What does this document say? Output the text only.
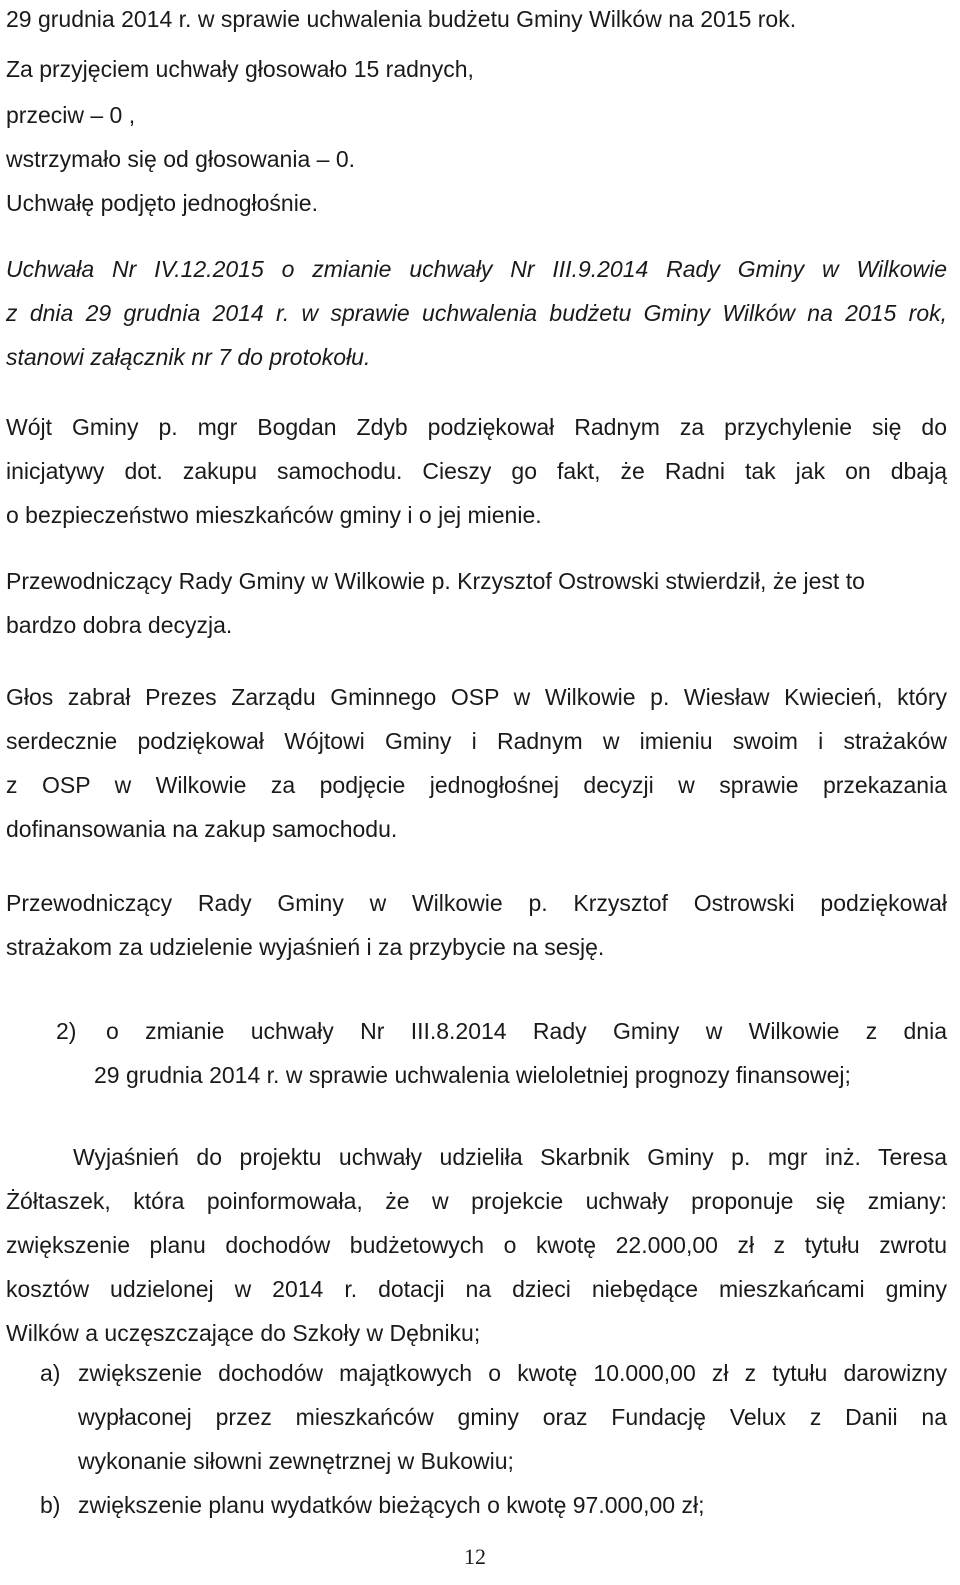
29 grudnia 2014 r. w sprawie uchwalenia budżetu Gminy Wilków na 2015 rok.
Za przyjęciem uchwały głosowało 15 radnych,
przeciw – 0 ,
wstrzymało się od głosowania – 0.
Uchwałę podjęto jednogłośnie.
Uchwała Nr IV.12.2015 o zmianie uchwały Nr III.9.2014 Rady Gminy w Wilkowie
z dnia 29 grudnia 2014 r. w sprawie uchwalenia budżetu Gminy Wilków na 2015 rok,
stanowi załącznik nr 7 do protokołu.
Wójt Gminy p. mgr Bogdan Zdyb podziękował Radnym za przychylenie się do
inicjatywy dot. zakupu samochodu. Cieszy go fakt, że Radni tak jak on dbają
o bezpieczeństwo mieszkańców gminy i o jej mienie.
Przewodniczący Rady Gminy w Wilkowie p. Krzysztof Ostrowski stwierdził, że jest to
bardzo dobra decyzja.
Głos zabrał Prezes Zarządu Gminnego OSP w Wilkowie p. Wiesław Kwiecień, który
serdecznie podziękował Wójtowi Gminy i Radnym w imieniu swoim i strażaków
z OSP w Wilkowie za podjęcie jednogłośnej decyzji w sprawie przekazania
dofinansowania na zakup samochodu.
Przewodniczący Rady Gminy w Wilkowie p. Krzysztof Ostrowski podziękował
strażakom za udzielenie wyjaśnień i za przybycie na sesję.
2) o zmianie uchwały Nr III.8.2014 Rady Gminy w Wilkowie z dnia
29 grudnia 2014 r. w sprawie uchwalenia wieloletniej prognozy finansowej;
Wyjaśnień do projektu uchwały udzieliła Skarbnik Gminy p. mgr inż. Teresa
Żółtaszek, która poinformowała, że w projekcie uchwały proponuje się zmiany:
zwiększenie planu dochodów budżetowych o kwotę 22.000,00 zł z tytułu zwrotu
kosztów udzielonej w 2014 r. dotacji na dzieci niebędące mieszkańcami gminy
Wilków a uczęszczające do Szkoły w Dębniku;
a) zwiększenie dochodów majątkowych o kwotę 10.000,00 zł z tytułu darowizny
wypłaconej przez mieszkańców gminy oraz Fundację Velux z Danii na
wykonanie siłowni zewnętrznej w Bukowiu;
b) zwiększenie planu wydatków bieżących o kwotę 97.000,00 zł;
12
